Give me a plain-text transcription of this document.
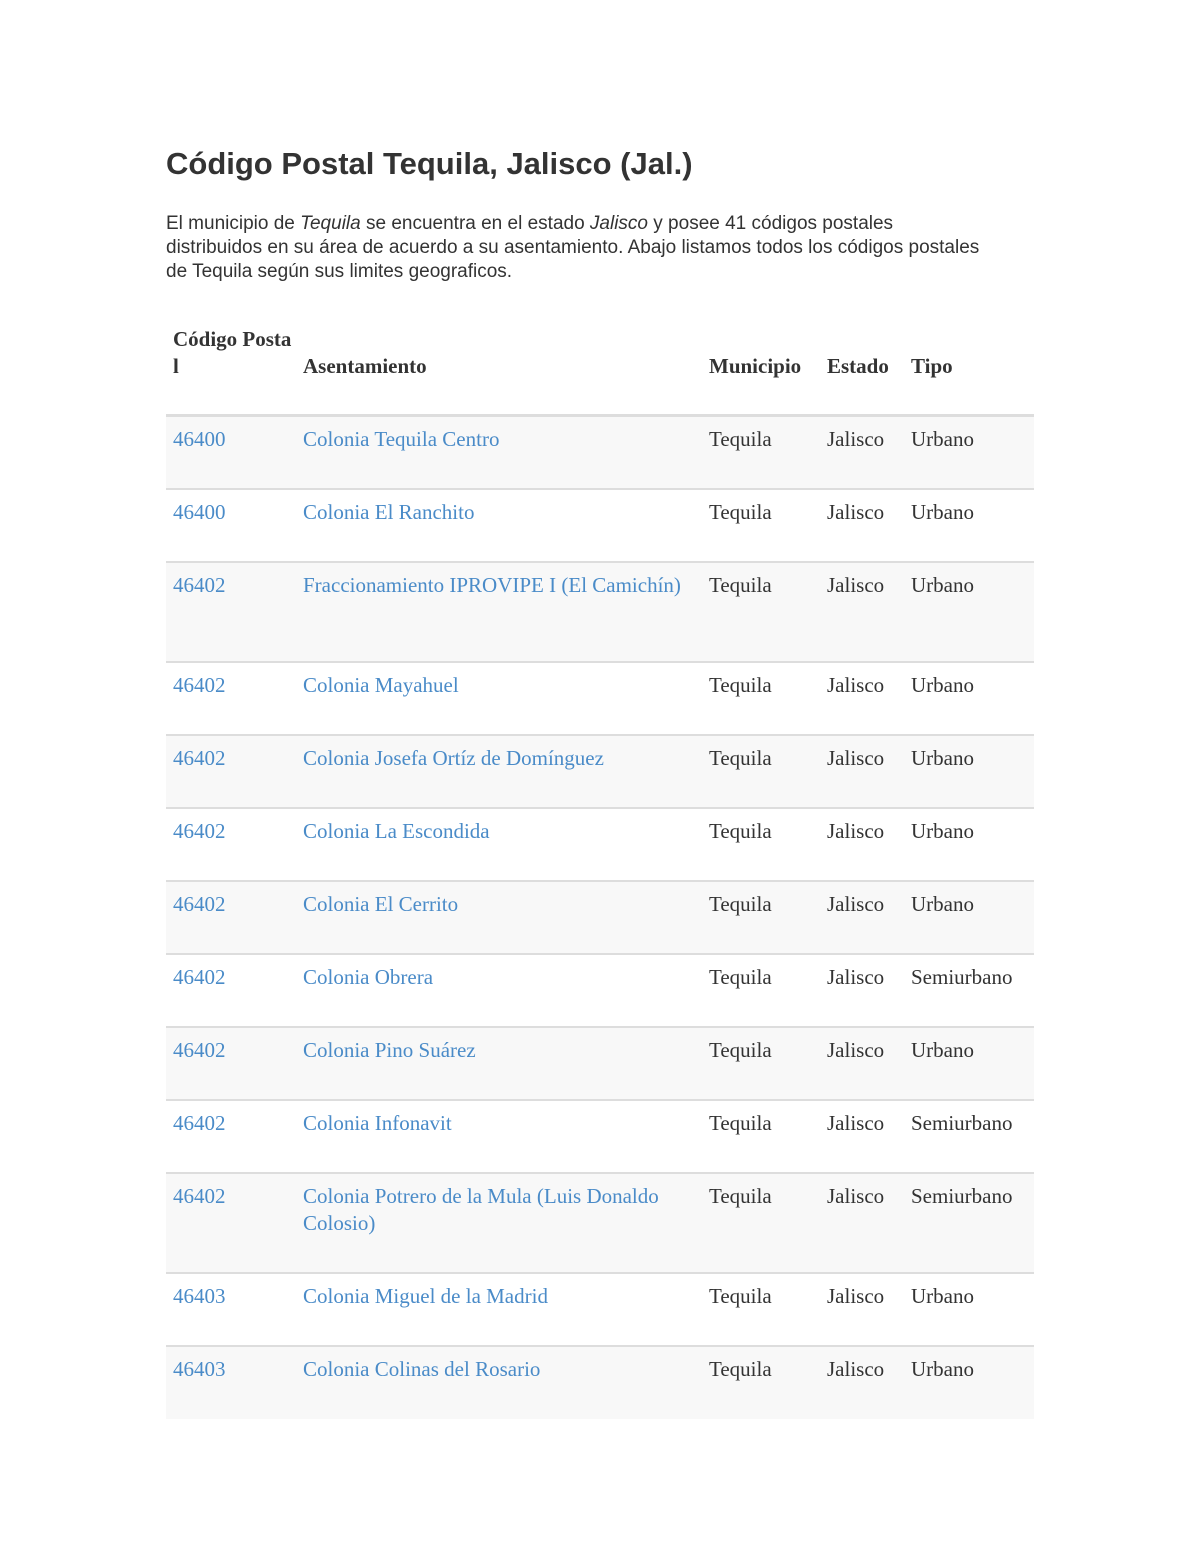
Código Postal Tequila, Jalisco (Jal.)

El municipio de Tequila se encuentra en el estado Jalisco y posee 41 códigos postales distribuidos en su área de acuerdo a su asentamiento. Abajo listamos todos los códigos postales de Tequila según sus limites geograficos.

Código Postal	Asentamiento	Municipio	Estado	Tipo
46400	Colonia Tequila Centro	Tequila	Jalisco	Urbano
46400	Colonia El Ranchito	Tequila	Jalisco	Urbano
46402	Fraccionamiento IPROVIPE I (El Camichín)	Tequila	Jalisco	Urbano
46402	Colonia Mayahuel	Tequila	Jalisco	Urbano
46402	Colonia Josefa Ortíz de Domínguez	Tequila	Jalisco	Urbano
46402	Colonia La Escondida	Tequila	Jalisco	Urbano
46402	Colonia El Cerrito	Tequila	Jalisco	Urbano
46402	Colonia Obrera	Tequila	Jalisco	Semiurbano
46402	Colonia Pino Suárez	Tequila	Jalisco	Urbano
46402	Colonia Infonavit	Tequila	Jalisco	Semiurbano
46402	Colonia Potrero de la Mula (Luis Donaldo Colosio)	Tequila	Jalisco	Semiurbano
46403	Colonia Miguel de la Madrid	Tequila	Jalisco	Urbano
46403	Colonia Colinas del Rosario	Tequila	Jalisco	Urbano
